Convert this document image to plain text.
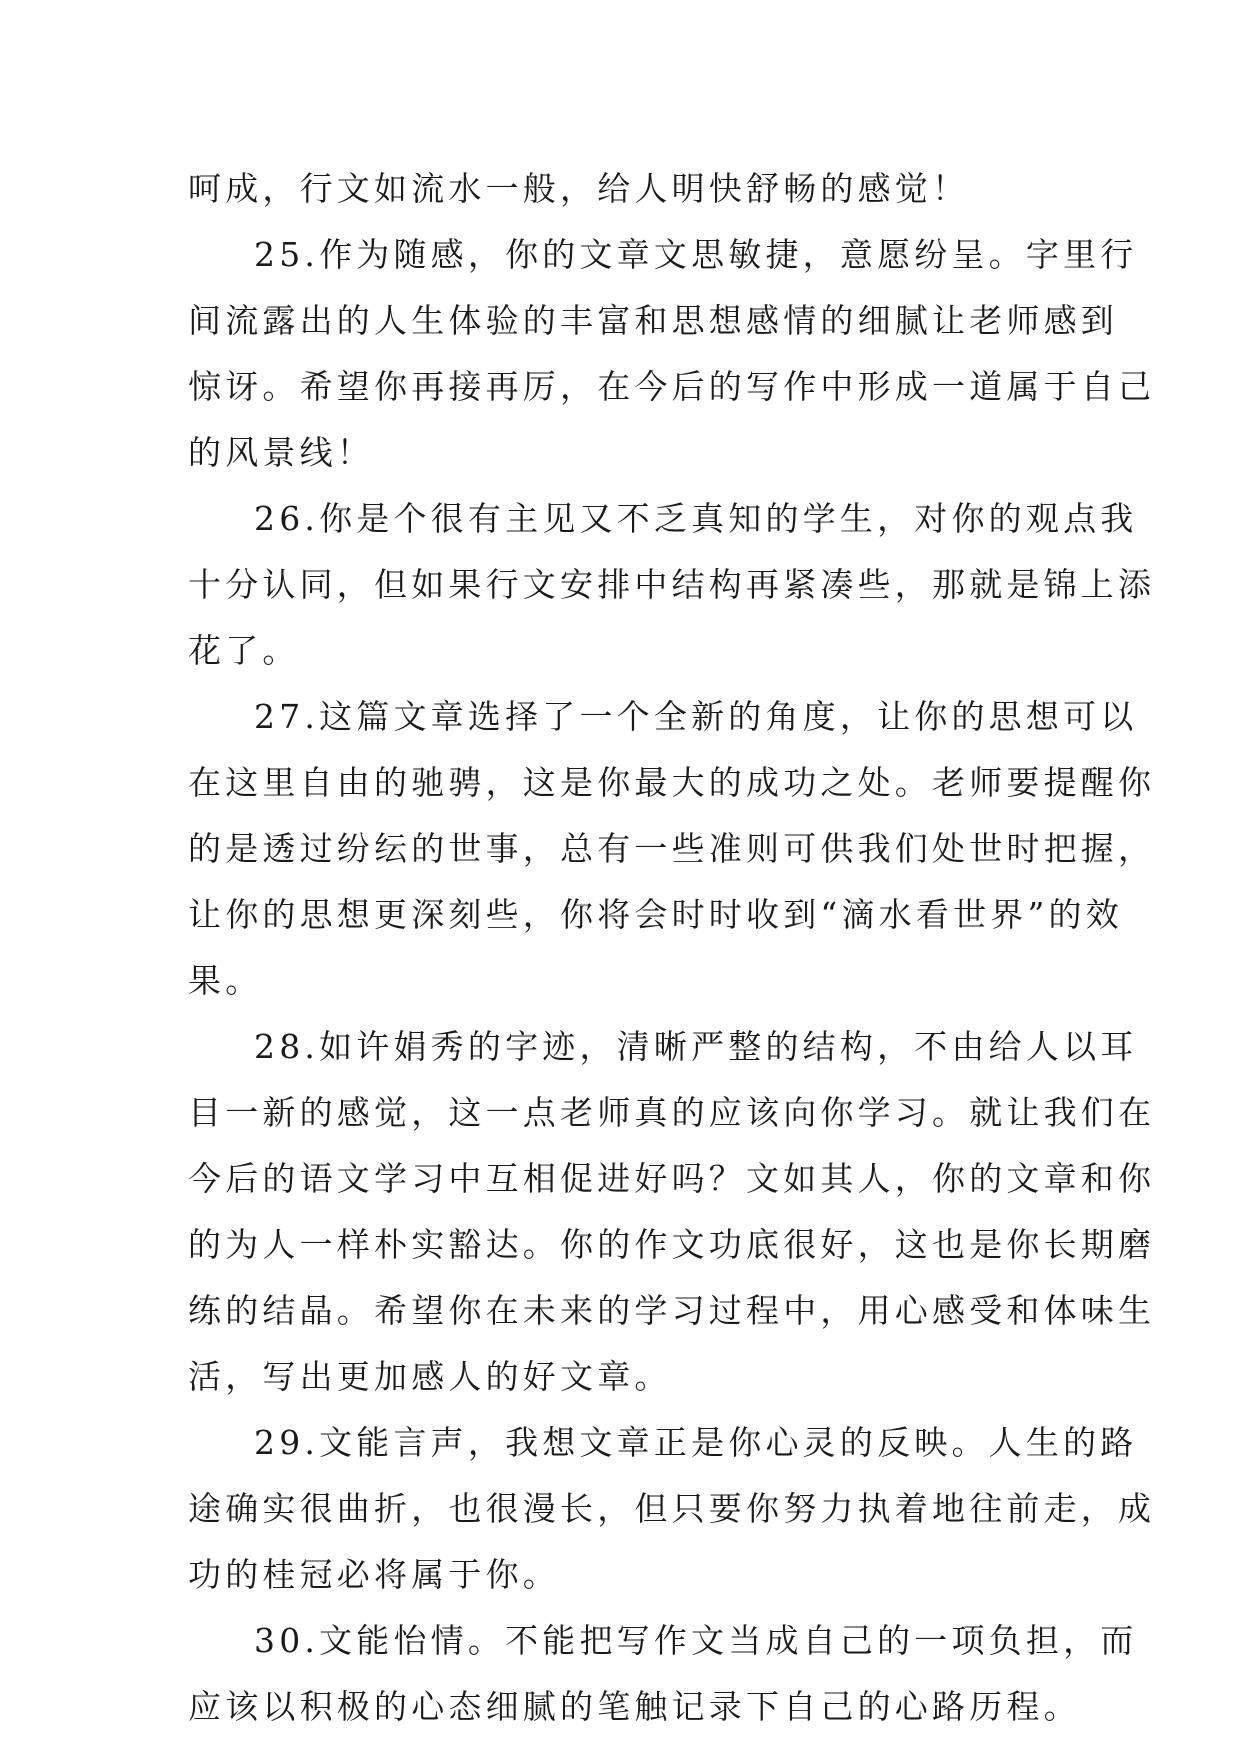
呵成，行文如流水一般，给人明快舒畅的感觉！
25.作为随感，你的文章文思敏捷，意愿纷呈。字里行
间流露出的人生体验的丰富和思想感情的细腻让老师感到
惊讶。希望你再接再厉，在今后的写作中形成一道属于自己
的风景线！
26.你是个很有主见又不乏真知的学生，对你的观点我
十分认同，但如果行文安排中结构再紧凑些，那就是锦上添
花了。
27.这篇文章选择了一个全新的角度，让你的思想可以
在这里自由的驰骋，这是你最大的成功之处。老师要提醒你
的是透过纷纭的世事，总有一些准则可供我们处世时把握，
让你的思想更深刻些，你将会时时收到“滴水看世界”的效
果。
28.如许娟秀的字迹，清晰严整的结构，不由给人以耳
目一新的感觉，这一点老师真的应该向你学习。就让我们在
今后的语文学习中互相促进好吗？文如其人，你的文章和你
的为人一样朴实豁达。你的作文功底很好，这也是你长期磨
练的结晶。希望你在未来的学习过程中，用心感受和体味生
活，写出更加感人的好文章。
29.文能言声，我想文章正是你心灵的反映。人生的路
途确实很曲折，也很漫长，但只要你努力执着地往前走，成
功的桂冠必将属于你。
30.文能怡情。不能把写作文当成自己的一项负担，而
应该以积极的心态细腻的笔触记录下自己的心路历程。
